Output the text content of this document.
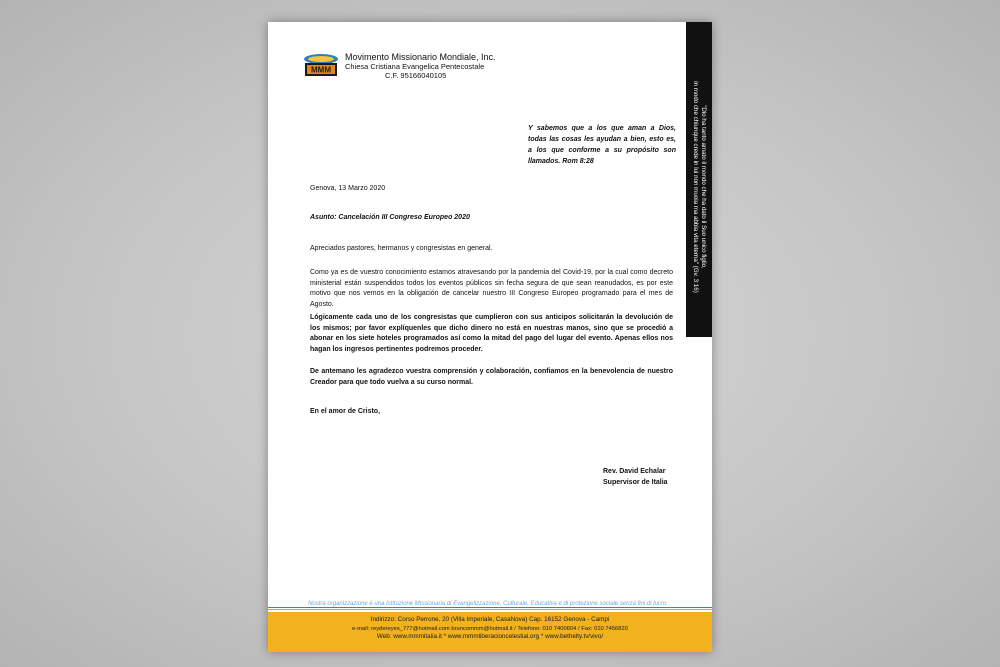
MMM
Movimento Missionario Mondiale, Inc.
Chiesa Cristiana Evangelica Pentecostale
C.F. 95166040105
"Dio ha tanto amato il mondo che ha dato il Suo unico figlio,
in modo che chiunque crede in lui non muoia ma abbia vita eterna" (Gv. 3:16)
Y sabemos que a los que aman a Dios, todas las cosas les ayudan a bien, esto es, a los que conforme a su propósito son llamados. Rom 8:28
Genova, 13 Marzo 2020
Asunto: Cancelación III Congreso Europeo 2020
Apreciados pastores, hermanos y congresistas en general.
Como ya es de vuestro conocimiento estamos atravesando por la pandemia del Covid-19, por la cual como decreto ministerial están suspendidos todos los eventos públicos sin fecha segura de que sean reanudados, es por este motivo que nos vemos en la obligación de cancelar nuestro III Congreso Europeo programado para el mes de Agosto.
Lógicamente cada uno de los congresistas que cumplieron con sus anticipos solicitarán la devolución de los mismos; por favor explíquenles que dicho dinero no está en nuestras manos, sino que se procedió a abonar en los siete hoteles programados así como la mitad del pago del lugar del evento. Apenas ellos nos hagan los ingresos pertinentes podremos proceder.
De antemano les agradezco vuestra comprensión y colaboración, confiamos en la benevolencia de nuestro Creador para que todo vuelva a su curso normal.
En el amor de Cristo,
Rev. David Echalar
Supervisor de Italia
Nostra organizzazione è una Istituzione Missionaria di Evangelizzazione, Culturale, Educativa e di protezione sociale senza fini di lucro.
Indirizzo: Corso Perrone, 20 (Villa Imperiale, CasaNova) Cap. 16152 Genova - Campi
e-mail: reydereyes_777@hotmail.com bruncommm@hotmail.it / Telefono: 010 7400604 / Fax: 010 7456820
Web: www.mmmitalia.it * www.mmmliberacioncelestial.org * www.bethelty.tv/vivo/
